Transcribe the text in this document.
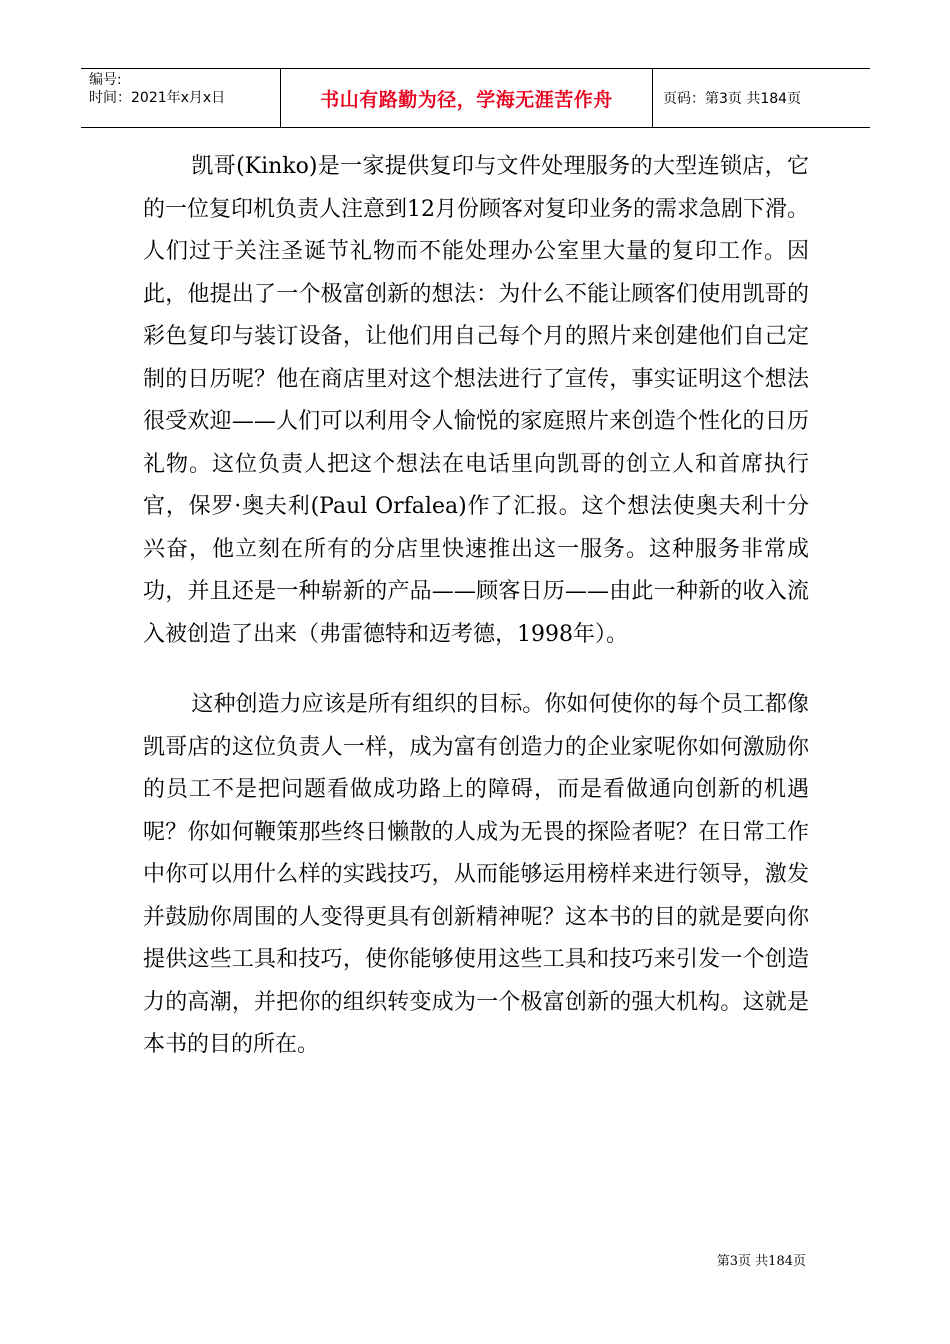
编号:
时间：2021年x月x日	书山有路勤为径，学海无涯苦作舟	页码：第3页 共184页

凯哥(Kinko)是一家提供复印与文件处理服务的大型连锁店，它的一位复印机负责人注意到12月份顾客对复印业务的需求急剧下滑。人们过于关注圣诞节礼物而不能处理办公室里大量的复印工作。因此，他提出了一个极富创新的想法：为什么不能让顾客们使用凯哥的彩色复印与装订设备，让他们用自己每个月的照片来创建他们自己定制的日历呢？他在商店里对这个想法进行了宣传，事实证明这个想法很受欢迎——人们可以利用令人愉悦的家庭照片来创造个性化的日历礼物。这位负责人把这个想法在电话里向凯哥的创立人和首席执行官，保罗·奥夫利(Paul Orfalea)作了汇报。这个想法使奥夫利十分兴奋，他立刻在所有的分店里快速推出这一服务。这种服务非常成功，并且还是一种崭新的产品——顾客日历——由此一种新的收入流入被创造了出来（弗雷德特和迈考德，1998年）。

这种创造力应该是所有组织的目标。你如何使你的每个员工都像凯哥店的这位负责人一样，成为富有创造力的企业家呢你如何激励你的员工不是把问题看做成功路上的障碍，而是看做通向创新的机遇呢？你如何鞭策那些终日懒散的人成为无畏的探险者呢？在日常工作中你可以用什么样的实践技巧，从而能够运用榜样来进行领导，激发并鼓励你周围的人变得更具有创新精神呢？这本书的目的就是要向你提供这些工具和技巧，使你能够使用这些工具和技巧来引发一个创造力的高潮，并把你的组织转变成为一个极富创新的强大机构。这就是本书的目的所在。

第3页 共184页
